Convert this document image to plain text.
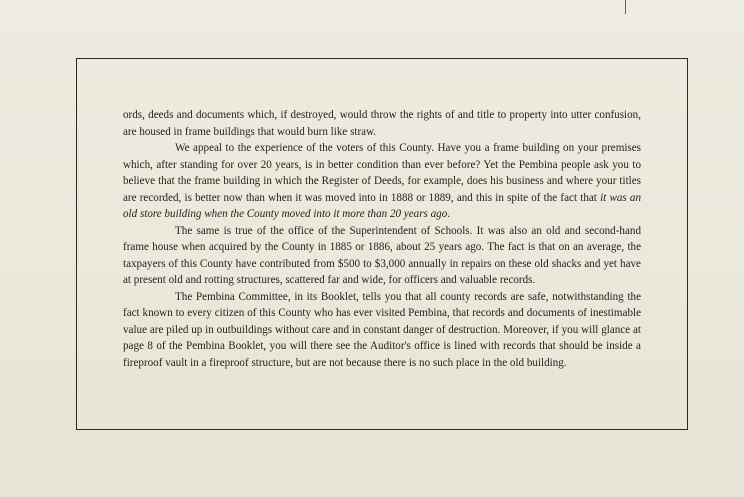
ords, deeds and documents which, if destroyed, would throw the rights of and title to property into utter confusion, are housed in frame buildings that would burn like straw.

We appeal to the experience of the voters of this County. Have you a frame building on your premises which, after standing for over 20 years, is in better condition than ever before? Yet the Pembina people ask you to believe that the frame building in which the Register of Deeds, for example, does his business and where your titles are recorded, is better now than when it was moved into in 1888 or 1889, and this in spite of the fact that it was an old store building when the County moved into it more than 20 years ago.

The same is true of the office of the Superintendent of Schools. It was also an old and second-hand frame house when acquired by the County in 1885 or 1886, about 25 years ago. The fact is that on an average, the taxpayers of this County have contributed from $500 to $3,000 annually in repairs on these old shacks and yet have at present old and rotting structures, scattered far and wide, for officers and valuable records.

The Pembina Committee, in its Booklet, tells you that all county records are safe, notwithstanding the fact known to every citizen of this County who has ever visited Pembina, that records and documents of inestimable value are piled up in outbuildings without care and in constant danger of destruction. Moreover, if you will glance at page 8 of the Pembina Booklet, you will there see the Auditor's office is lined with records that should be inside a fireproof vault in a fireproof structure, but are not because there is no such place in the old building.
